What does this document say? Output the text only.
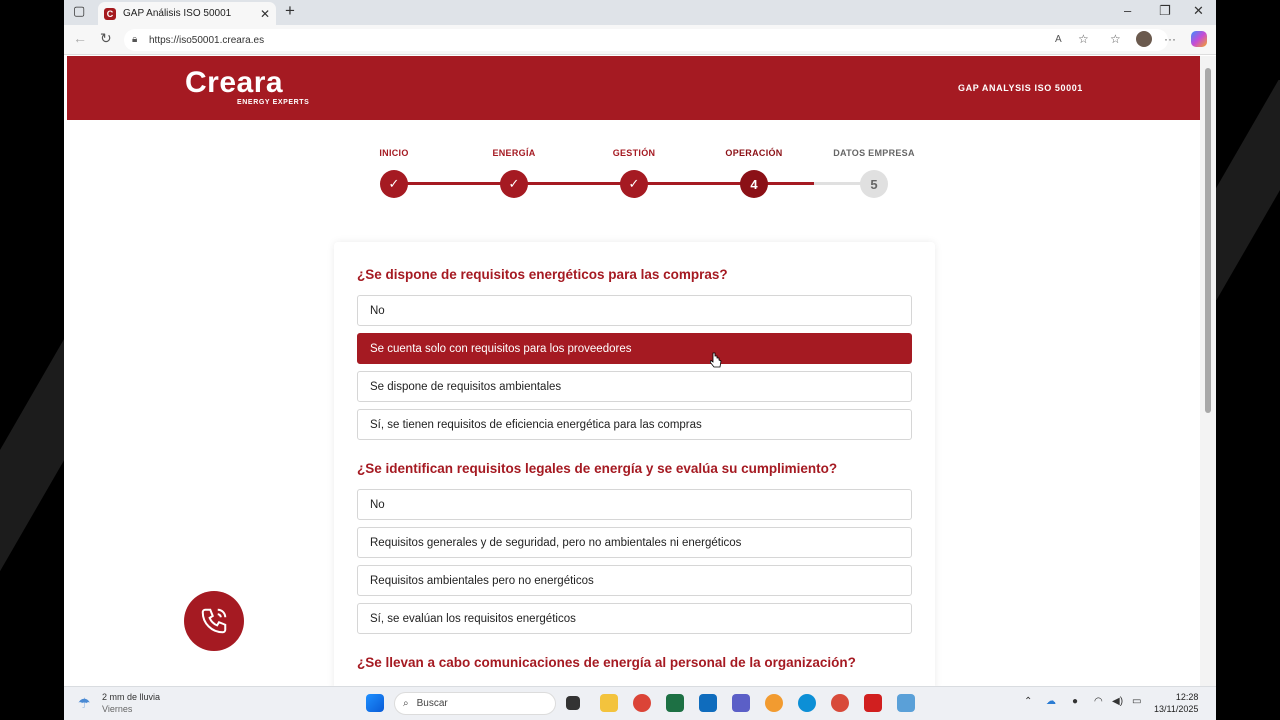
▢	C GAP Análisis ISO 50001	✕ +	– ❐ ✕
← ↻ 🔒︎ https://iso50001.creara.es	A ☆ ☆	···
Creara
ENERGY EXPERTS
GAP ANALYSIS ISO 50001
INICIO
✓
ENERGÍA
✓
GESTIÓN
✓
OPERACIÓN
4
DATOS EMPRESA
5
¿Se dispone de requisitos energéticos para las compras?
No
Se cuenta solo con requisitos para los proveedores
Se dispone de requisitos ambientales
Sí, se tienen requisitos de eficiencia energética para las compras
¿Se identifican requisitos legales de energía y se evalúa su cumplimiento?
No
Requisitos generales y de seguridad, pero no ambientales ni energéticos
Requisitos ambientales pero no energéticos
Sí, se evalúan los requisitos energéticos
¿Se llevan a cabo comunicaciones de energía al personal de la organización?
☂ 2 mm de lluvia
Viernes	⌕ Buscar	⌃ ☁ ● ◠ ◀) ▭	12:28
13/11/2025
